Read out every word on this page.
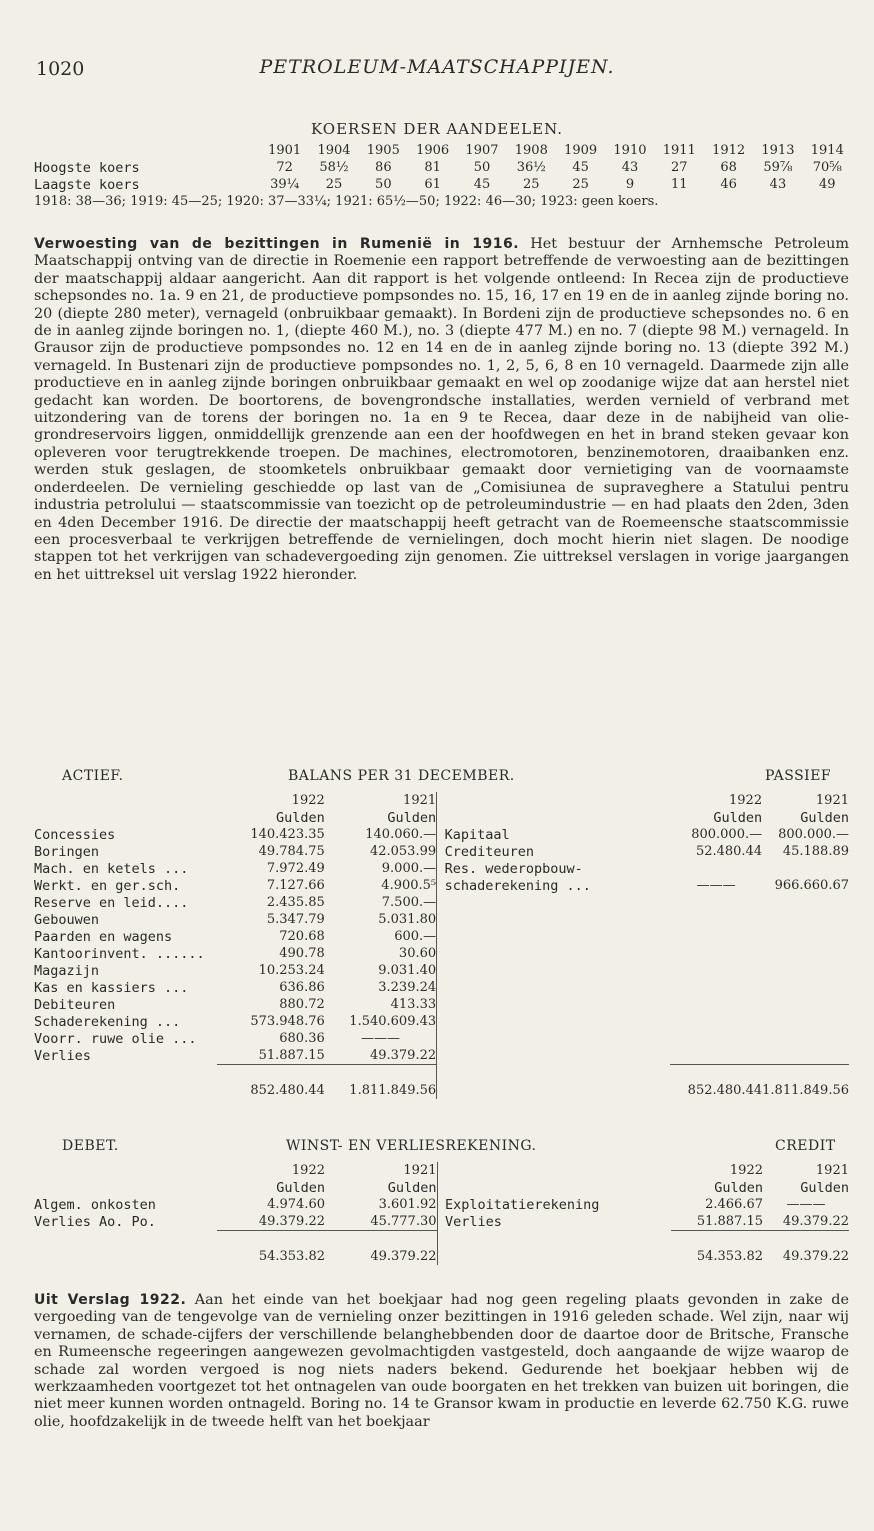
1020	PETROLEUM-MAATSCHAPPIJEN.
KOERSEN DER AANDEELEN.
	1901	1904	1905	1906	1907	1908	1909	1910	1911	1912	1913	1914
Hoogste koers	72	58½	86	81	50	36½	45	43	27	68	59⅞	70⅝
Laagste koers	39¼	25	50	61	45	25	25	9	11	46	43	49
1918: 38—36; 1919: 45—25; 1920: 37—33¼; 1921: 65½—50; 1922: 46—30; 1923: geen koers.
Verwoesting van de bezittingen in Rumenië in 1916. Het bestuur der Arnhemsche Petroleum Maatschappij ontving van de directie in Roemenie een rapport betreffende de verwoesting aan de bezittingen der maatschappij aldaar aangericht. Aan dit rapport is het volgende ontleend: In Recea zijn de productieve schepsondes no. 1a. 9 en 21, de productieve pompsondes no. 15, 16, 17 en 19 en de in aanleg zijnde boring no. 20 (diepte 280 meter), vernageld (onbruikbaar gemaakt). In Bordeni zijn de productieve schepsondes no. 6 en de in aanleg zijnde boringen no. 1, (diepte 460 M.), no. 3 (diepte 477 M.) en no. 7 (diepte 98 M.) vernageld. In Grausor zijn de productieve pompsondes no. 12 en 14 en de in aanleg zijnde boring no. 13 (diepte 392 M.) vernageld. In Bustenari zijn de productieve pompsondes no. 1, 2, 5, 6, 8 en 10 vernageld. Daarmede zijn alle productieve en in aanleg zijnde boringen onbruikbaar gemaakt en wel op zoodanige wijze dat aan herstel niet gedacht kan worden. De boortorens, de bovengrondsche installaties, werden vernield of verbrand met uitzondering van de torens der boringen no. 1a en 9 te Recea, daar deze in de nabijheid van olie-grondreservoirs liggen, onmiddellijk grenzende aan een der hoofdwegen en het in brand steken gevaar kon opleveren voor terugtrekkende troepen. De machines, electromotoren, benzinemotoren, draaibanken enz. werden stuk geslagen, de stoomketels onbruikbaar gemaakt door vernietiging van de voornaamste onderdeelen. De vernieling geschiedde op last van de „Comisiunea de supraveghere a Statului pentru industria petrolului — staatscommissie van toezicht op de petroleumindustrie — en had plaats den 2den, 3den en 4den December 1916. De directie der maatschappij heeft getracht van de Roemeensche staatscommissie een procesverbaal te verkrijgen betreffende de vernielingen, doch mocht hierin niet slagen. De noodige stappen tot het verkrijgen van schadevergoeding zijn genomen. Zie uittreksel verslagen in vorige jaargangen en het uittreksel uit verslag 1922 hieronder.
ACTIEF.	BALANS PER 31 DECEMBER.	PASSIEF
	1922	1921			1922	1921
	Gulden	Gulden			Gulden	Gulden
Concessies	140.423.35	140.060.—		Kapitaal	800.000.—	800.000.—
Boringen	49.784.75	42.053.99		Crediteuren	52.480.44	45.188.89
Mach. en ketels ...	7.972.49	9.000.—		Res. wederopbouw-		
Werkt. en ger.sch.	7.127.66	4.900.5⁵		schaderekening ...	———	966.660.67
Reserve en leid....	2.435.85	7.500.—				
Gebouwen	5.347.79	5.031.80				
Paarden en wagens	720.68	600.—				
Kantoorinvent. ......	490.78	30.60				
Magazijn	10.253.24	9.031.40				
Kas en kassiers ...	636.86	3.239.24				
Debiteuren	880.72	413.33				
Schaderekening ...	573.948.76	1.540.609.43				
Voorr. ruwe olie ...	680.36	———				
Verlies	51.887.15	49.379.22				

	852.480.44	1.811.849.56			852.480.44	1.811.849.56
DEBET.	WINST- EN VERLIESREKENING.	CREDIT
	1922	1921			1922	1921
	Gulden	Gulden			Gulden	Gulden
Algem. onkosten	4.974.60	3.601.92		Exploitatierekening	2.466.67	———
Verlies Ao. Po.	49.379.22	45.777.30		Verlies	51.887.15	49.379.22

	54.353.82	49.379.22			54.353.82	49.379.22
Uit Verslag 1922. Aan het einde van het boekjaar had nog geen regeling plaats gevonden in zake de vergoeding van de tengevolge van de vernieling onzer bezittingen in 1916 geleden schade. Wel zijn, naar wij vernamen, de schade-cijfers der verschillende belanghebbenden door de daartoe door de Britsche, Fransche en Rumeensche regeeringen aangewezen gevolmachtigden vastgesteld, doch aangaande de wijze waarop de schade zal worden vergoed is nog niets naders bekend. Gedurende het boekjaar hebben wij de werkzaamheden voortgezet tot het ontnagelen van oude boorgaten en het trekken van buizen uit boringen, die niet meer kunnen worden ontnageld. Boring no. 14 te Gransor kwam in productie en leverde 62.750 K.G. ruwe olie, hoofdzakelijk in de tweede helft van het boekjaar
